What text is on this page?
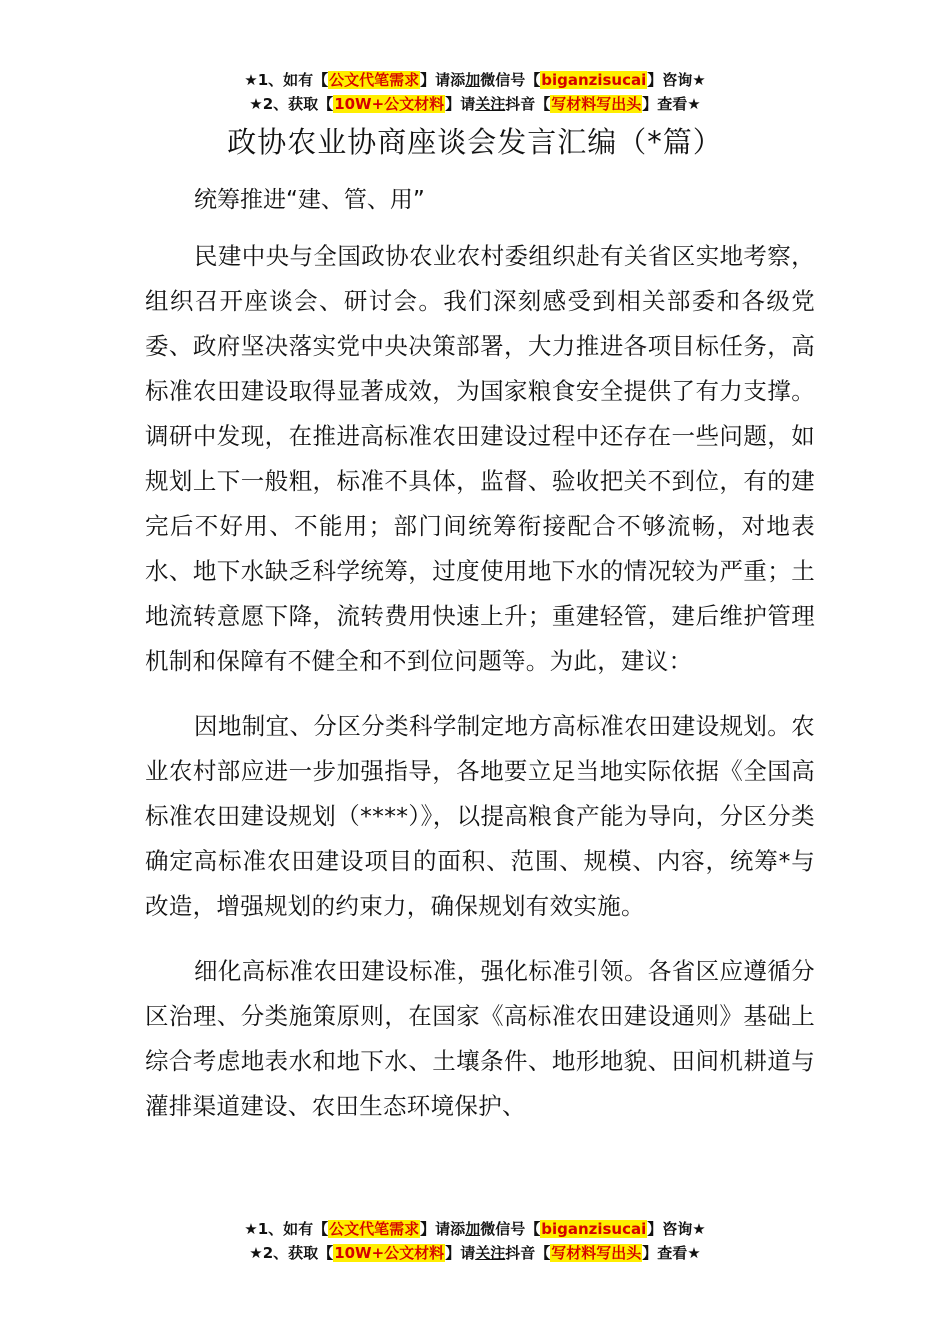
★1、如有【公文代笔需求】请添加微信号【biganzisucai】咨询★
★2、获取【10W+公文材料】请关注抖音【写材料写出头】查看★
政协农业协商座谈会发言汇编（*篇）
统筹推进“建、管、用”

民建中央与全国政协农业农村委组织赴有关省区实地考察，组织召开座谈会、研讨会。我们深刻感受到相关部委和各级党委、政府坚决落实党中央决策部署，大力推进各项目标任务，高标准农田建设取得显著成效，为国家粮食安全提供了有力支撑。调研中发现，在推进高标准农田建设过程中还存在一些问题，如规划上下一般粗，标准不具体，监督、验收把关不到位，有的建完后不好用、不能用；部门间统筹衔接配合不够流畅，对地表水、地下水缺乏科学统筹，过度使用地下水的情况较为严重；土地流转意愿下降，流转费用快速上升；重建轻管，建后维护管理机制和保障有不健全和不到位问题等。为此，建议：

因地制宜、分区分类科学制定地方高标准农田建设规划。农业农村部应进一步加强指导，各地要立足当地实际依据《全国高标准农田建设规划（****）》，以提高粮食产能为导向，分区分类确定高标准农田建设项目的面积、范围、规模、内容，统筹*与改造，增强规划的约束力，确保规划有效实施。

细化高标准农田建设标准，强化标准引领。各省区应遵循分区治理、分类施策原则，在国家《高标准农田建设通则》基础上综合考虑地表水和地下水、土壤条件、地形地貌、田间机耕道与灌排渠道建设、农田生态环境保护、

★1、如有【公文代笔需求】请添加微信号【biganzisucai】咨询★
★2、获取【10W+公文材料】请关注抖音【写材料写出头】查看★
